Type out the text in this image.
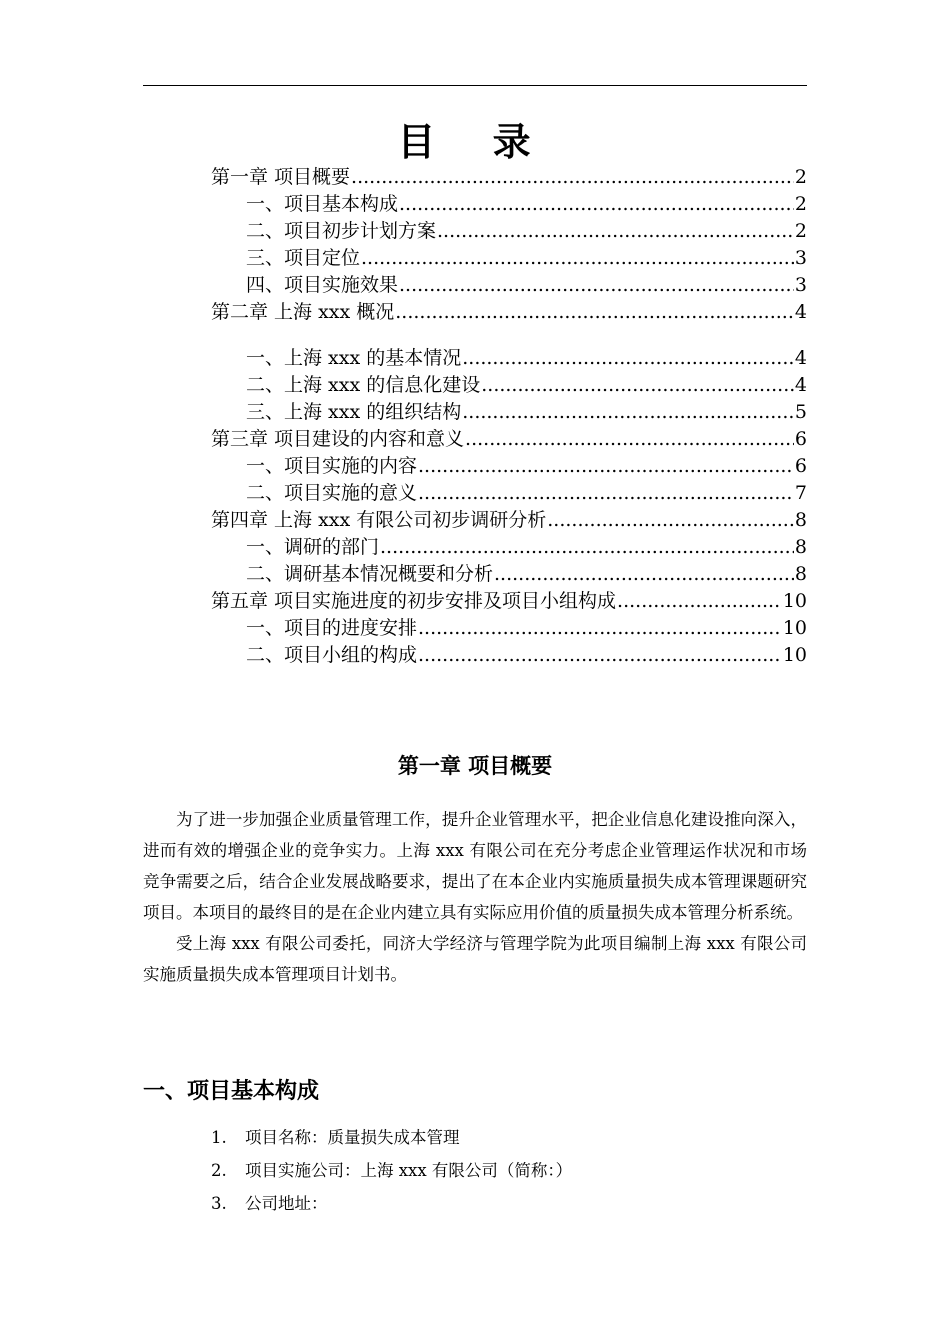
目 录
第一章 项目概要 .....	2
一、项目基本构成 .....	2
二、项目初步计划方案 .....	2
三、项目定位 .....	3
四、项目实施效果 .....	3
第二章 上海 xxx 概况 .....	4
一、上海 xxx 的基本情况 .....	4
二、上海 xxx 的信息化建设 .....	4
三、上海 xxx 的组织结构 .....	5
第三章 项目建设的内容和意义 .....	6
一、项目实施的内容 .....	6
二、项目实施的意义 .....	7
第四章 上海 xxx 有限公司初步调研分析 .....	8
一、调研的部门 .....	8
二、调研基本情况概要和分析 .....	8
第五章 项目实施进度的初步安排及项目小组构成 .....	10
一、项目的进度安排 .....	10
二、项目小组的构成 .....	10
第一章 项目概要

为了进一步加强企业质量管理工作，提升企业管理水平，把企业信息化建设推向深入，进而有效的增强企业的竞争实力。上海 xxx 有限公司在充分考虑企业管理运作状况和市场竞争需要之后，结合企业发展战略要求，提出了在本企业内实施质量损失成本管理课题研究项目。本项目的最终目的是在企业内建立具有实际应用价值的质量损失成本管理分析系统。

受上海 xxx 有限公司委托，同济大学经济与管理学院为此项目编制上海 xxx 有限公司实施质量损失成本管理项目计划书。

一、项目基本构成
1.	项目名称：质量损失成本管理
2.	项目实施公司：上海 xxx 有限公司（简称：）
3.	公司地址：
